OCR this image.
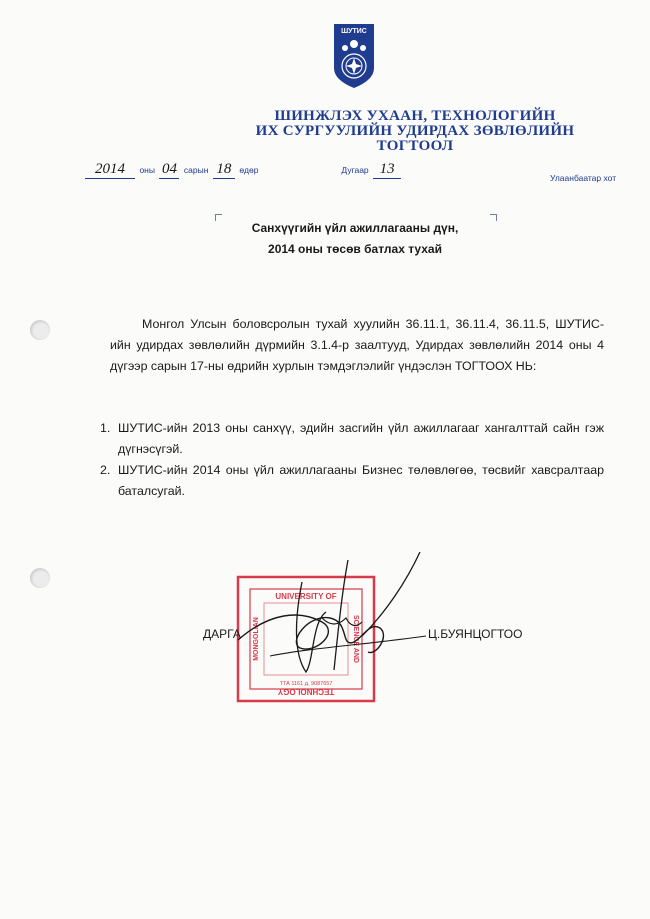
ШУТИС
ШИНЖЛЭХ УХААН, ТЕХНОЛОГИЙН
ИХ СУРГУУЛИЙН УДИРДАХ ЗӨВЛӨЛИЙН
ТОГТООЛ
2014 оны 04 сарын 18 өдөр	Дугаар 13
Улаанбаатар хот
Санхүүгийн үйл ажиллагааны дүн,
2014 оны төсөв батлах тухай
Монгол Улсын боловсролын тухай хуулийн 36.11.1, 36.11.4, 36.11.5, ШУТИС-ийн удирдах зөвлөлийн дүрмийн 3.1.4-р заалтууд, Удирдах зөвлөлийн 2014 оны 4 дүгээр сарын 17-ны өдрийн хурлын тэмдэглэлийг үндэслэн ТОГТООХ НЬ:
1. ШУТИС-ийн 2013 оны санхүү, эдийн засгийн үйл ажиллагааг хангалттай сайн гэж дүгнэсүгэй.
2. ШУТИС-ийн 2014 оны үйл ажиллагааны Бизнес төлөвлөгөө, төсвийг хавсралтаар баталсугай.
UNIVERSITY OF
TECHNOLOGY
MONGOLIAN	SCIENCE AND
ТТА 1161 д. 9087657
ДАРГА	Ц.БУЯНЦОГТОО
